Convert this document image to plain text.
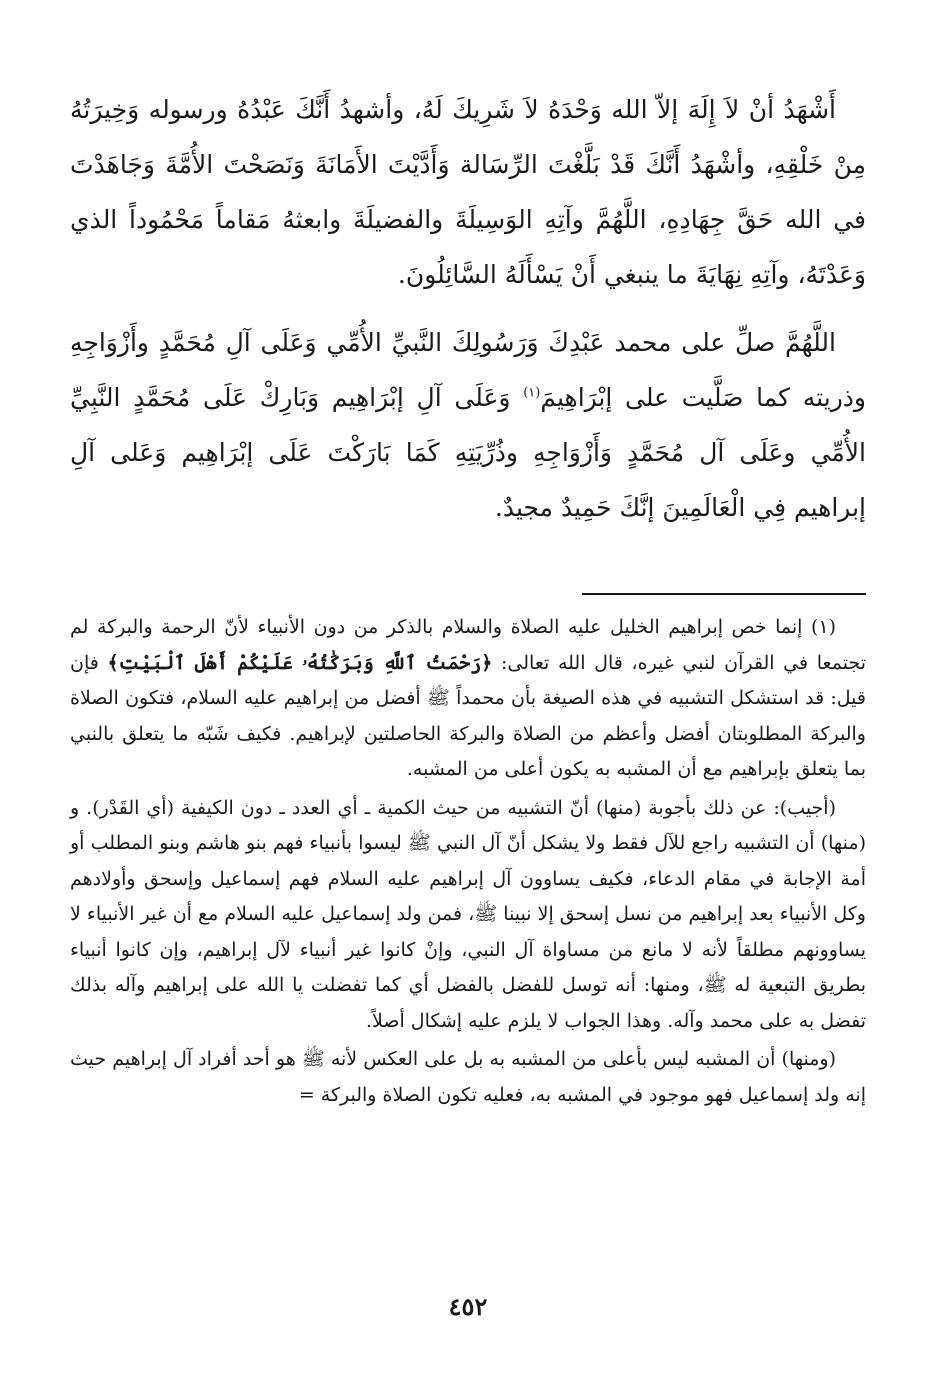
أَشْهَدُ أنْ لاَ إِلَهَ إلاّ الله وَحْدَهُ لاَ شَرِيكَ لَهُ، وأشهدُ أَنَّكَ عَبْدُهُ ورسوله وَخِيرَتُهُ مِنْ خَلْقِهِ، وأشْهَدُ أَنَّكَ قَدْ بَلَّغْتَ الرِّسَالة وَأَدَّيْتَ الأَمَانَةَ وَنَصَحْتَ الأُمَّةَ وَجَاهَدْتَ في الله حَقَّ جِهَادِهِ، اللَّهُمَّ وآتِهِ الوَسِيلَةَ والفضيلَةَ وابعثهُ مَقاماً مَحْمُوداً الذي وَعَدْتَهُ، وآتِهِ نِهَايَةَ ما ينبغي أَنْ يَسْأَلَهُ السَّائِلُونَ.

اللَّهُمَّ صلِّ على محمد عَبْدِكَ وَرَسُولِكَ النَّبيِّ الأُمِّي وَعَلَى آلِ مُحَمَّدٍ وأَزْوَاجِهِ وذريته كما صَلَّيت على إبْرَاهِيمَ$^{(١)}$ وَعَلَى آلِ إبْرَاهِيم وَبَارِكْ عَلَى مُحَمَّدٍ النَّبِيِّ الأُمِّي وعَلَى آل مُحَمَّدٍ وَأَزْوَاجِهِ وذُرِّيَتِهِ كَمَا بَارَكْتَ عَلَى إبْرَاهِيم وَعَلى آلِ إبراهيم فِي الْعَالَمِينَ إنَّكَ حَمِيدٌ مجيدٌ.

(١) إنما خص إبراهيم الخليل عليه الصلاة والسلام بالذكر من دون الأنبياء لأنّ الرحمة والبركة لم تجتمعا في القرآن لنبي غيره، قال الله تعالى: ﴿رَحْمَتُ ٱللَّهِ وَبَرَكَٰتُهُۥ عَلَيْكُمْ أَهْلَ ٱلْبَيْتِ﴾ فإن قيل: قد استشكل التشبيه في هذه الصيغة بأن محمداً ﷺ أفضل من إبراهيم عليه السلام، فتكون الصلاة والبركة المطلوبتان أفضل وأعظم من الصلاة والبركة الحاصلتين لإبراهيم. فكيف شَبّه ما يتعلق بالنبي بما يتعلق بإبراهيم مع أن المشبه به يكون أعلى من المشبه.

(أجيب): عن ذلك بأجوبة (منها) أنّ التشبيه من حيث الكمية ـ أي العدد ـ دون الكيفية (أي القَدْر). و (منها) أن التشبيه راجع للآل فقط ولا يشكل أنّ آل النبي ﷺ ليسوا بأنبياء فهم بنو هاشم وبنو المطلب أو أمة الإجابة في مقام الدعاء، فكيف يساوون آل إبراهيم عليه السلام فهم إسماعيل وإسحق وأولادهم وكل الأنبياء بعد إبراهيم من نسل إسحق إلا نبينا ﷺ، فمن ولد إسماعيل عليه السلام مع أن غير الأنبياء لا يساوونهم مطلقاً لأنه لا مانع من مساواة آل النبي، وإنْ كانوا غير أنبياء لآل إبراهيم، وإن كانوا أنبياء بطريق التبعية له ﷺ، ومنها: أنه توسل للفضل بالفضل أي كما تفضلت يا الله على إبراهيم وآله بذلك تفضل به على محمد وآله. وهذا الجواب لا يلزم عليه إشكال أصلاً.

(ومنها) أن المشبه ليس بأعلى من المشبه به بل على العكس لأنه ﷺ هو أحد أفراد آل إبراهيم حيث إنه ولد إسماعيل فهو موجود في المشبه به، فعليه تكون الصلاة والبركة =

٤٥٢
